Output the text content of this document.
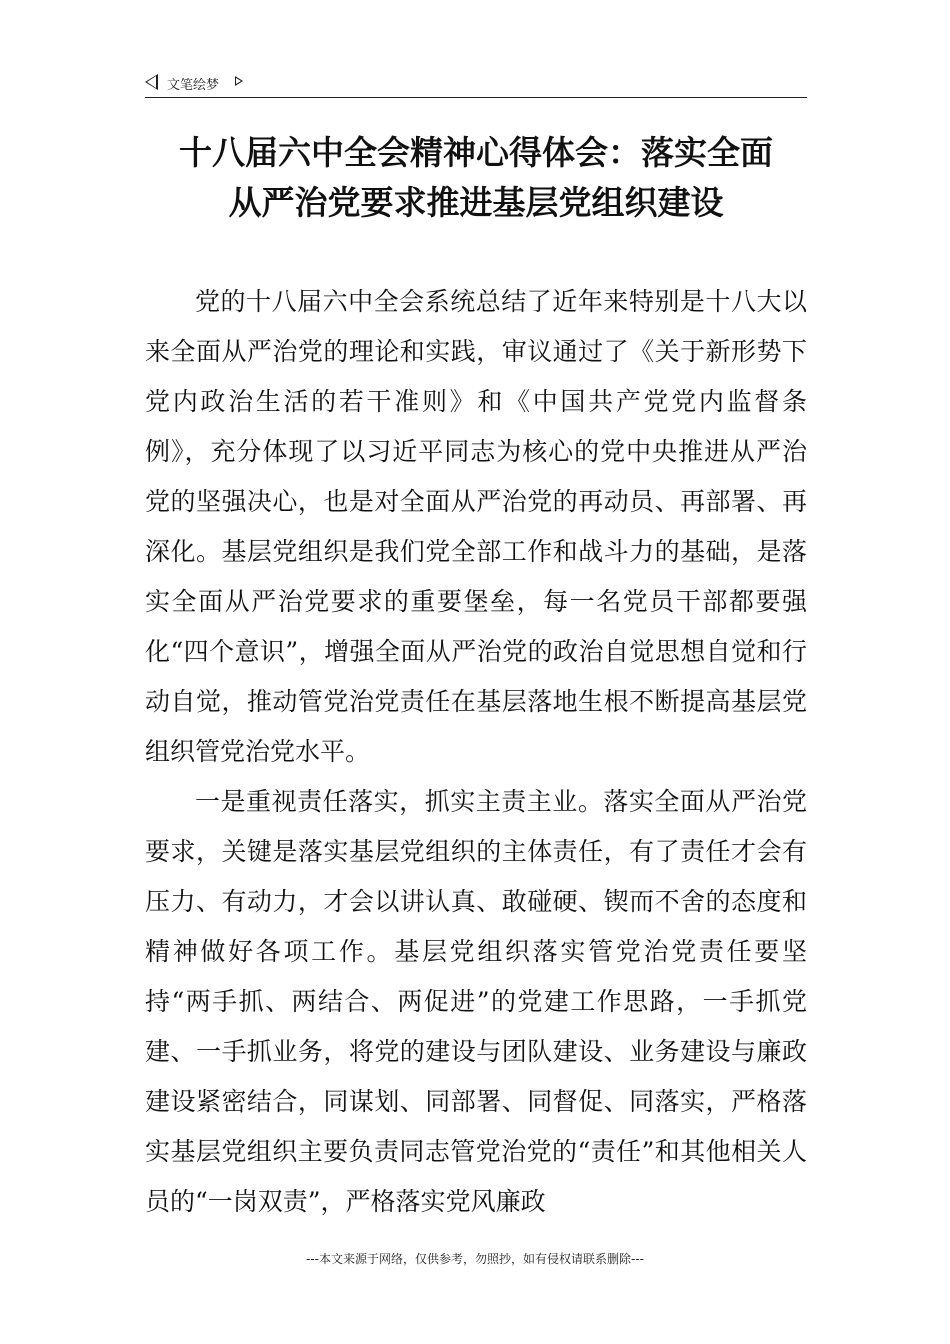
文笔绘梦
十八届六中全会精神心得体会：落实全面
从严治党要求推进基层党组织建设

党的十八届六中全会系统总结了近年来特别是十八大以来全面从严治党的理论和实践，审议通过了《关于新形势下党内政治生活的若干准则》和《中国共产党党内监督条例》，充分体现了以习近平同志为核心的党中央推进从严治党的坚强决心，也是对全面从严治党的再动员、再部署、再深化。基层党组织是我们党全部工作和战斗力的基础，是落实全面从严治党要求的重要堡垒，每一名党员干部都要强化“四个意识”，增强全面从严治党的政治自觉思想自觉和行动自觉，推动管党治党责任在基层落地生根不断提高基层党组织管党治党水平。

一是重视责任落实，抓实主责主业。落实全面从严治党要求，关键是落实基层党组织的主体责任，有了责任才会有压力、有动力，才会以讲认真、敢碰硬、锲而不舍的态度和精神做好各项工作。基层党组织落实管党治党责任要坚持“两手抓、两结合、两促进”的党建工作思路，一手抓党建、一手抓业务，将党的建设与团队建设、业务建设与廉政建设紧密结合，同谋划、同部署、同督促、同落实，严格落实基层党组织主要负责同志管党治党的“责任”和其他相关人员的“一岗双责”，严格落实党风廉政

---本文来源于网络，仅供参考，勿照抄，如有侵权请联系删除---
